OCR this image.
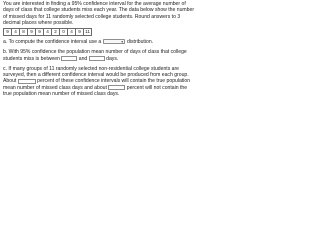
You are interested in finding a 95% confidence interval for the average number of days of class that college students miss each year. The data below show the number of missed days for 11 randomly selected college students. Round answers to 3 decimal places where possible.

9	4	8	9	9	4	2	0	4	9	11

a. To compute the confidence interval use a	▾ distribution.

b. With 95% confidence the population mean number of days of class that college students miss is between	and	days.

c. If many groups of 11 randomly selected non-residential college students are surveyed, then a different confidence interval would be produced from each group. About	percent of these confidence intervals will contain the true population mean number of missed class days and about	percent will not contain the true population mean number of missed class days.
